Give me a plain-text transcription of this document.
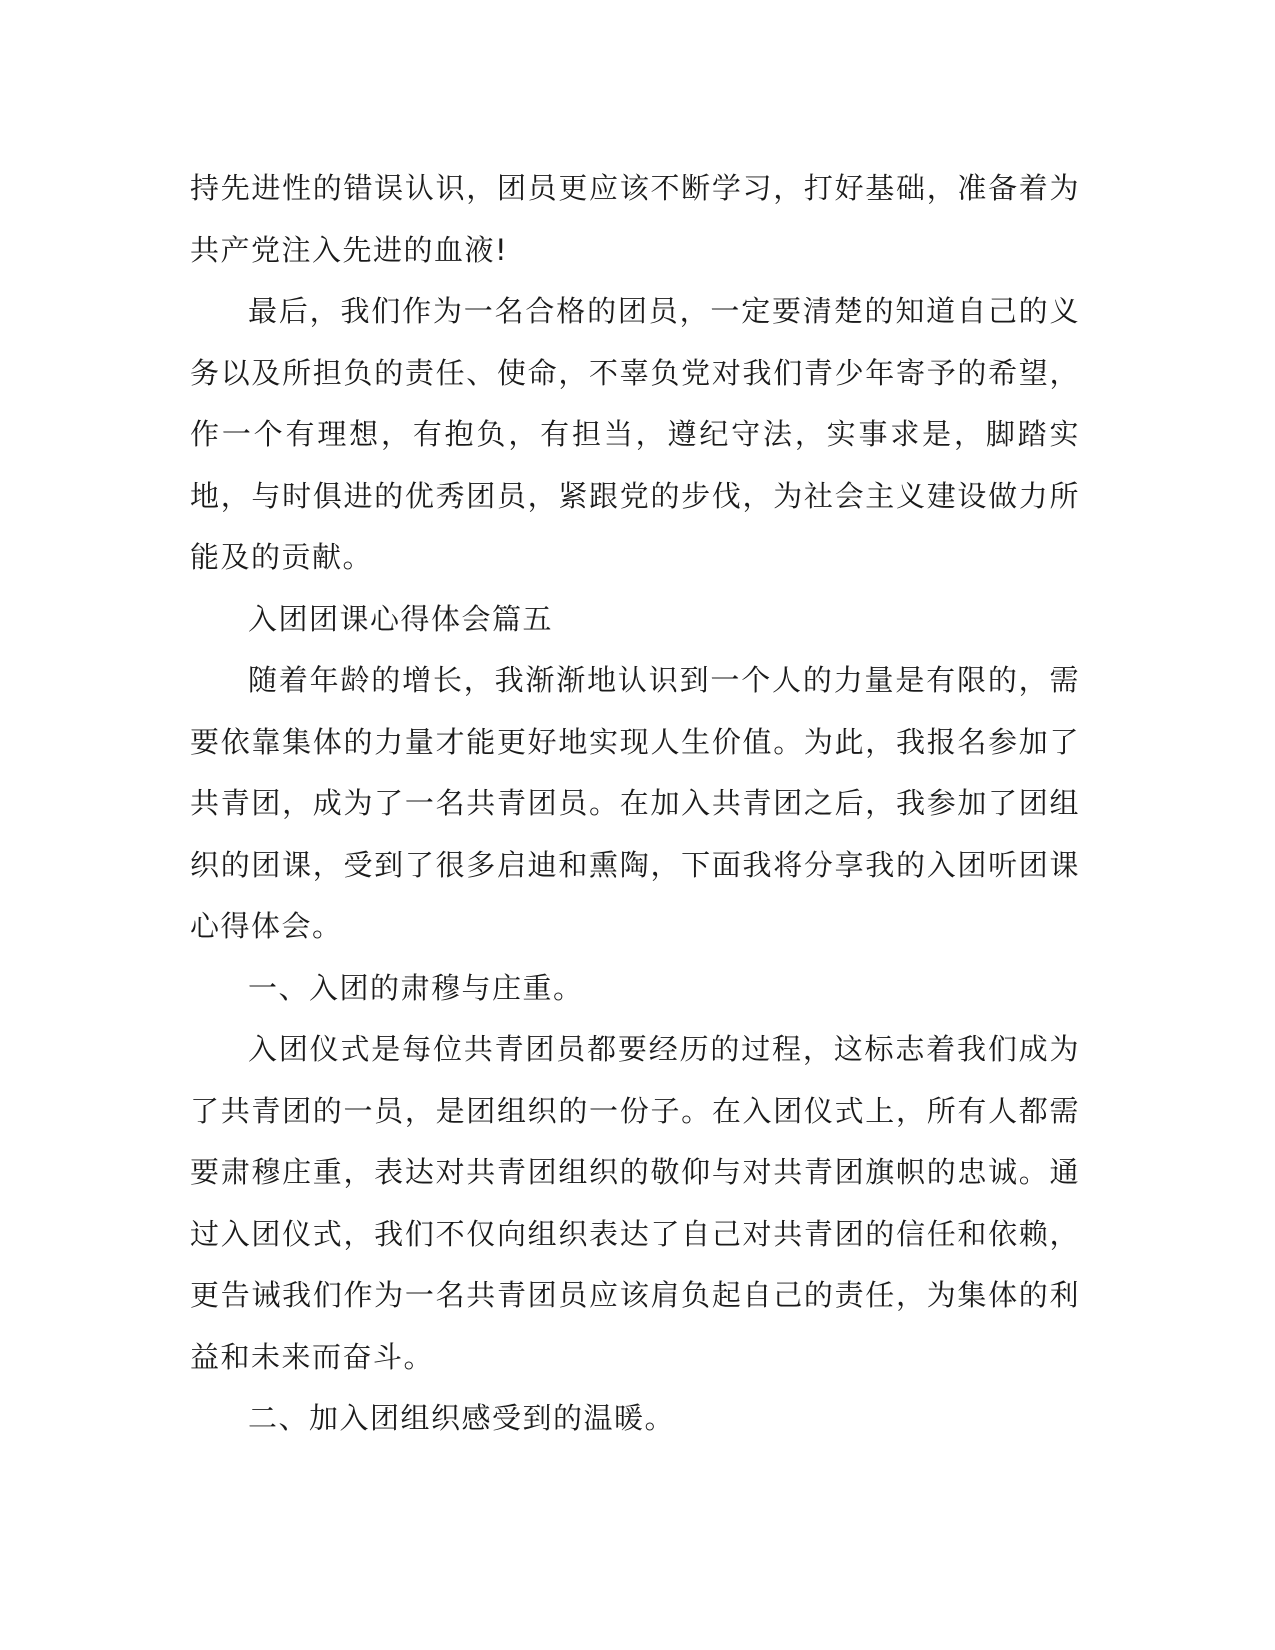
持先进性的错误认识，团员更应该不断学习，打好基础，准备着为共产党注入先进的血液!

最后，我们作为一名合格的团员，一定要清楚的知道自己的义务以及所担负的责任、使命，不辜负党对我们青少年寄予的希望，作一个有理想，有抱负，有担当，遵纪守法，实事求是，脚踏实地，与时俱进的优秀团员，紧跟党的步伐，为社会主义建设做力所能及的贡献。

入团团课心得体会篇五

随着年龄的增长，我渐渐地认识到一个人的力量是有限的，需要依靠集体的力量才能更好地实现人生价值。为此，我报名参加了共青团，成为了一名共青团员。在加入共青团之后，我参加了团组织的团课，受到了很多启迪和熏陶，下面我将分享我的入团听团课心得体会。

一、入团的肃穆与庄重。

入团仪式是每位共青团员都要经历的过程，这标志着我们成为了共青团的一员，是团组织的一份子。在入团仪式上，所有人都需要肃穆庄重，表达对共青团组织的敬仰与对共青团旗帜的忠诚。通过入团仪式，我们不仅向组织表达了自己对共青团的信任和依赖，更告诫我们作为一名共青团员应该肩负起自己的责任，为集体的利益和未来而奋斗。

二、加入团组织感受到的温暖。
